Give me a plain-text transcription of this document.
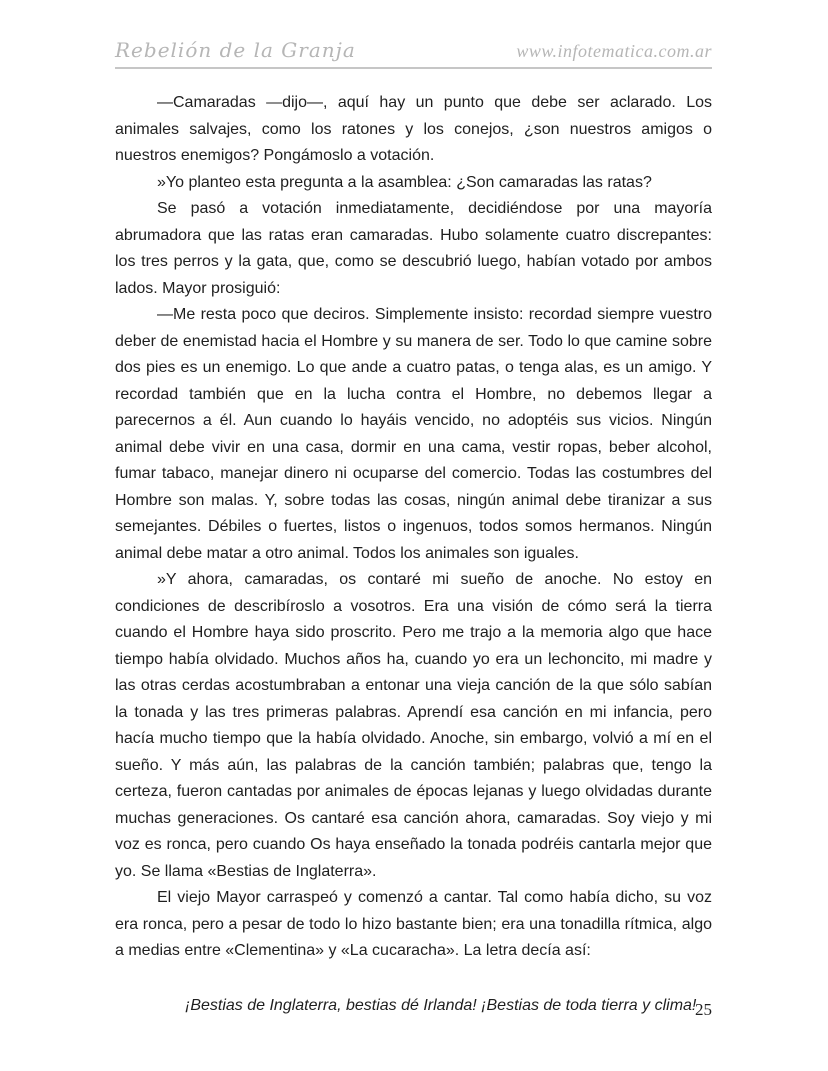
Rebelión de la Granja	www.infotematica.com.ar

—Camaradas —dijo—, aquí hay un punto que debe ser aclarado. Los animales salvajes, como los ratones y los conejos, ¿son nuestros amigos o nuestros enemigos? Pongámoslo a votación.

»Yo planteo esta pregunta a la asamblea: ¿Son camaradas las ratas?

Se pasó a votación inmediatamente, decidiéndose por una mayoría abrumadora que las ratas eran camaradas. Hubo solamente cuatro discrepantes: los tres perros y la gata, que, como se descubrió luego, habían votado por ambos lados. Mayor prosiguió:

—Me resta poco que deciros. Simplemente insisto: recordad siempre vuestro deber de enemistad hacia el Hombre y su manera de ser. Todo lo que camine sobre dos pies es un enemigo. Lo que ande a cuatro patas, o tenga alas, es un amigo. Y recordad también que en la lucha contra el Hombre, no debemos llegar a parecernos a él. Aun cuando lo hayáis vencido, no adoptéis sus vicios. Ningún animal debe vivir en una casa, dormir en una cama, vestir ropas, beber alcohol, fumar tabaco, manejar dinero ni ocuparse del comercio. Todas las costumbres del Hombre son malas. Y, sobre todas las cosas, ningún animal debe tiranizar a sus semejantes. Débiles o fuertes, listos o ingenuos, todos somos hermanos. Ningún animal debe matar a otro animal. Todos los animales son iguales.

»Y ahora, camaradas, os contaré mi sueño de anoche. No estoy en condiciones de describíroslo a vosotros. Era una visión de cómo será la tierra cuando el Hombre haya sido proscrito. Pero me trajo a la memoria algo que hace tiempo había olvidado. Muchos años ha, cuando yo era un lechoncito, mi madre y las otras cerdas acostumbraban a entonar una vieja canción de la que sólo sabían la tonada y las tres primeras palabras. Aprendí esa canción en mi infancia, pero hacía mucho tiempo que la había olvidado. Anoche, sin embargo, volvió a mí en el sueño. Y más aún, las palabras de la canción también; palabras que, tengo la certeza, fueron cantadas por animales de épocas lejanas y luego olvidadas durante muchas generaciones. Os cantaré esa canción ahora, camaradas. Soy viejo y mi voz es ronca, pero cuando Os haya enseñado la tonada podréis cantarla mejor que yo. Se llama «Bestias de Inglaterra».

El viejo Mayor carraspeó y comenzó a cantar. Tal como había dicho, su voz era ronca, pero a pesar de todo lo hizo bastante bien; era una tonadilla rítmica, algo a medias entre «Clementina» y «La cucaracha». La letra decía así:

¡Bestias de Inglaterra, bestias dé Irlanda! ¡Bestias de toda tierra y clima!

25
